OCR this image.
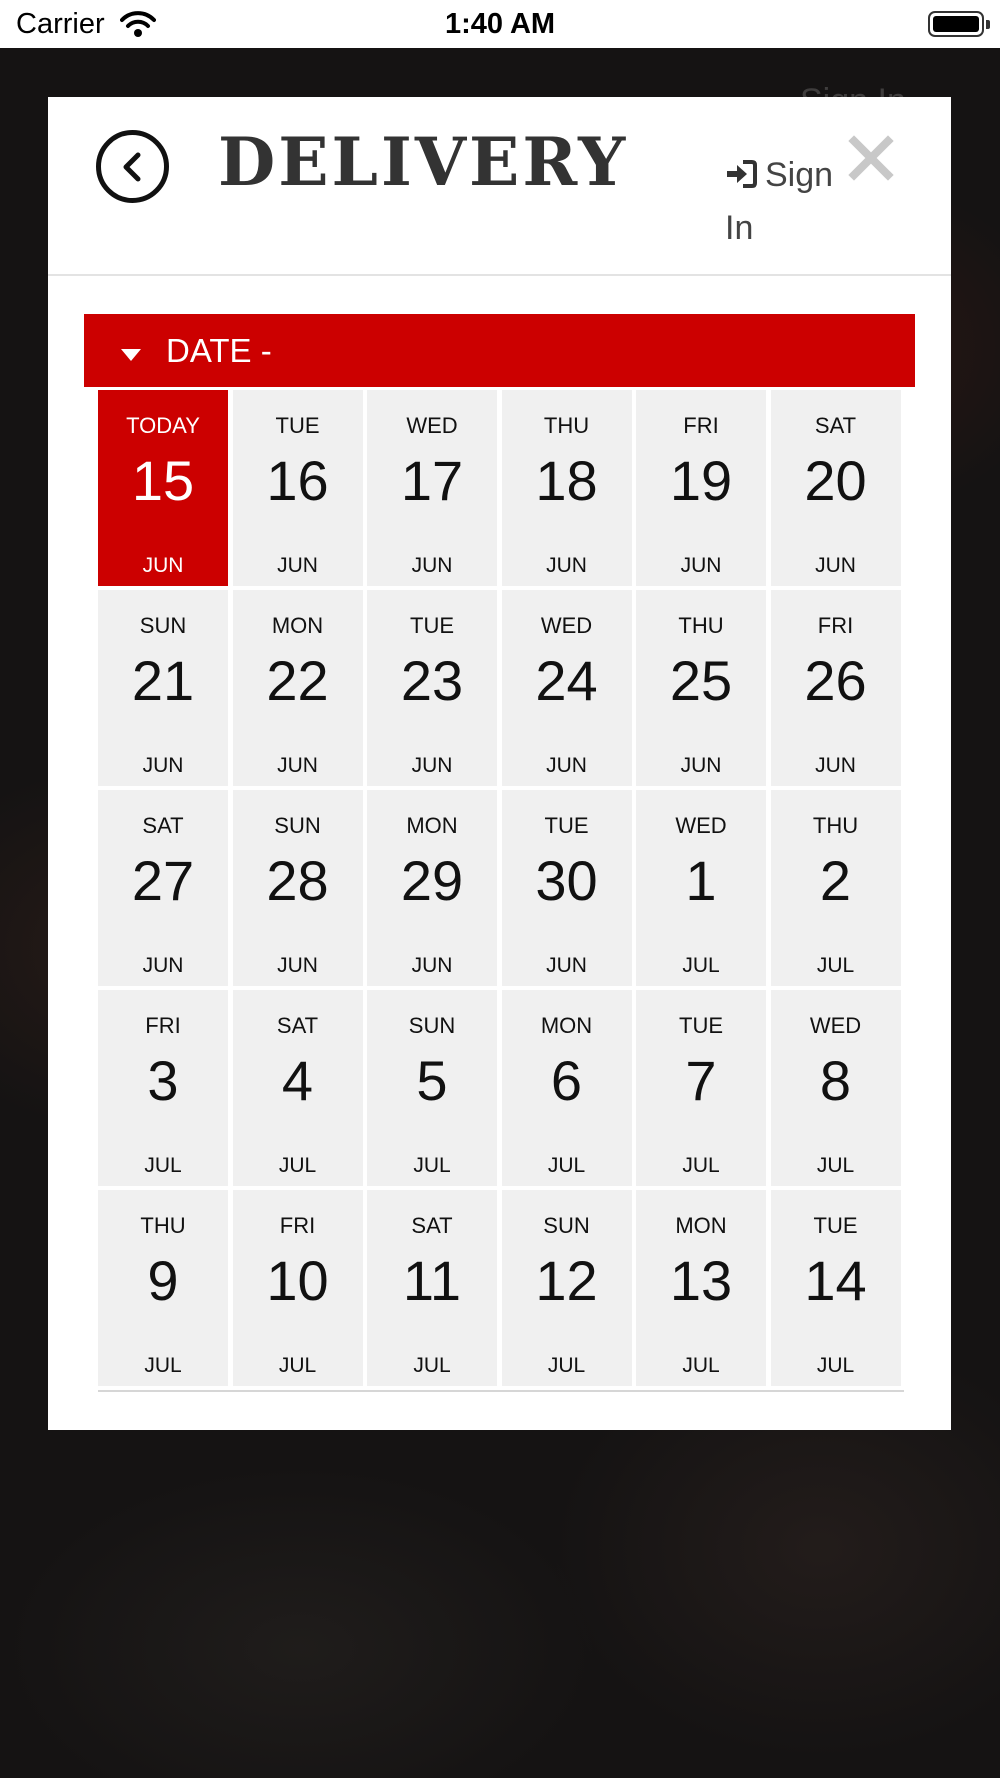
Carrier	1:40 AM
DELIVERY	Sign In
DATE -
TODAY
15
JUN
TUE
16
JUN
WED
17
JUN
THU
18
JUN
FRI
19
JUN
SAT
20
JUN
SUN
21
JUN
MON
22
JUN
TUE
23
JUN
WED
24
JUN
THU
25
JUN
FRI
26
JUN
SAT
27
JUN
SUN
28
JUN
MON
29
JUN
TUE
30
JUN
WED
1
JUL
THU
2
JUL
FRI
3
JUL
SAT
4
JUL
SUN
5
JUL
MON
6
JUL
TUE
7
JUL
WED
8
JUL
THU
9
JUL
FRI
10
JUL
SAT
11
JUL
SUN
12
JUL
MON
13
JUL
TUE
14
JUL
